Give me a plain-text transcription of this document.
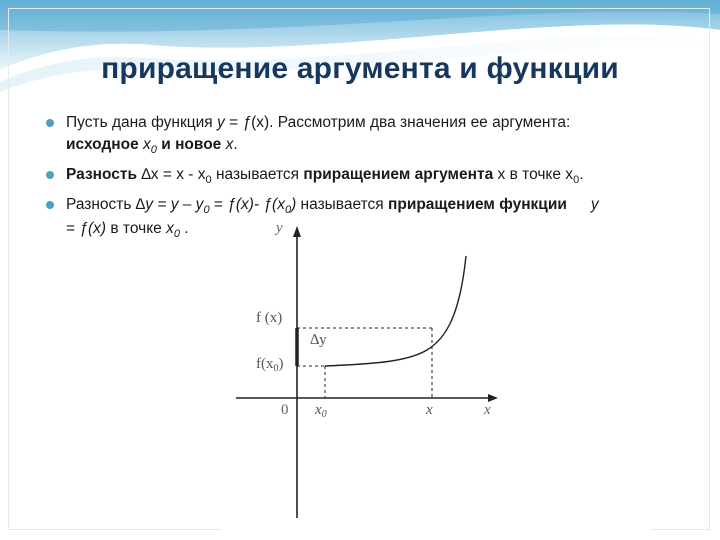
приращение аргумента и функции
Пусть дана функция y = ƒ(x). Рассмотрим два значения ее аргумента:
исходное $x_0$ и новое x.
Разность $\Delta x = x - x_0$ называется приращением аргумента x в точке $x_0$.
Разность $\Delta y = y - y_0$ = ƒ(x)- $ƒ(x_0)$ называется приращением функции y
= ƒ(x) в точке $x_0$ .	y
x
0
f (x)
$f(x_0)$
∆y
$x_0$	x
